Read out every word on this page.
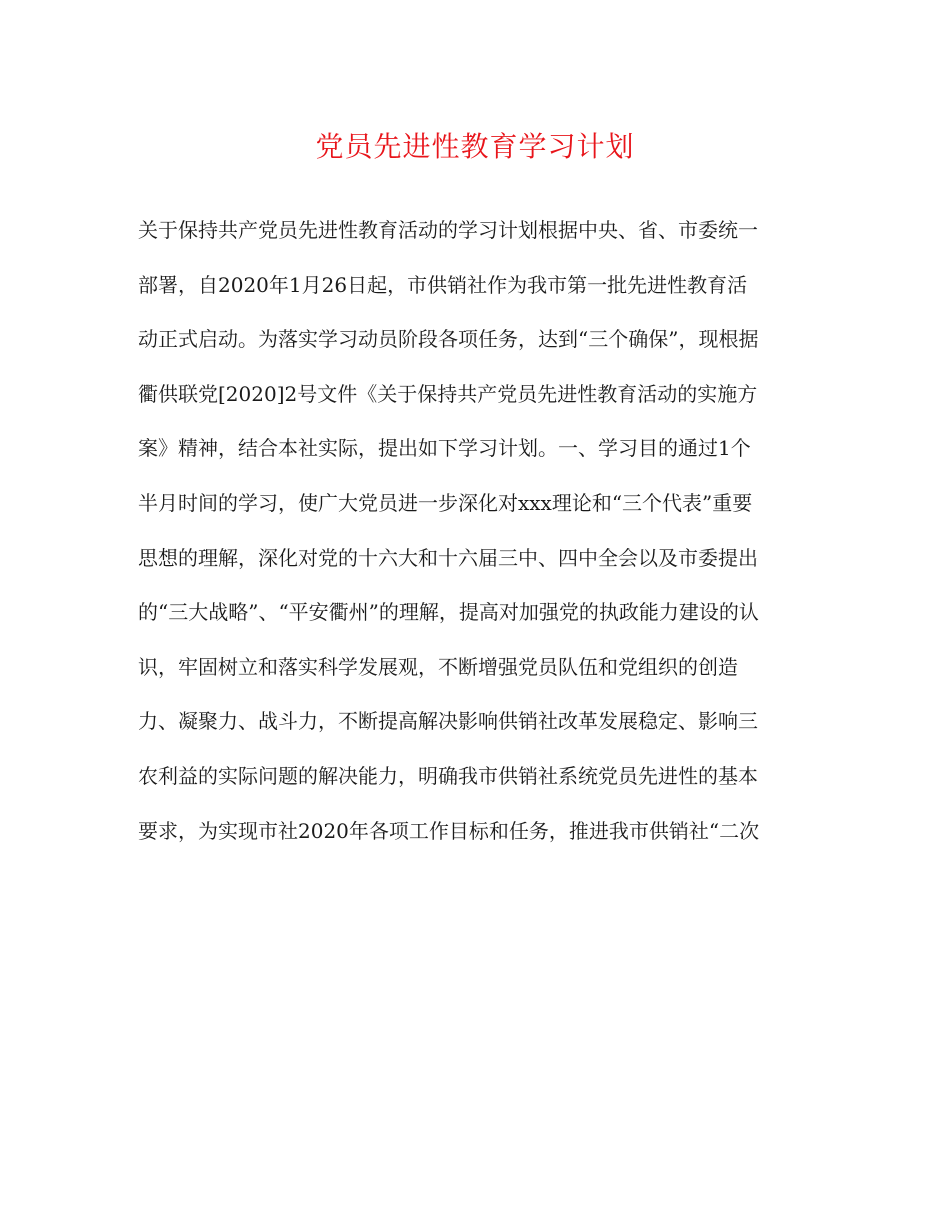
党员先进性教育学习计划
关于保持共产党员先进性教育活动的学习计划根据中央、省、市委统一
部署，自2020年1月26日起，市供销社作为我市第一批先进性教育活
动正式启动。为落实学习动员阶段各项任务，达到“三个确保”，现根据
衢供联党[2020]2号文件《关于保持共产党员先进性教育活动的实施方
案》精神，结合本社实际，提出如下学习计划。一、学习目的通过1个
半月时间的学习，使广大党员进一步深化对xxx理论和“三个代表”重要
思想的理解，深化对党的十六大和十六届三中、四中全会以及市委提出
的“三大战略”、“平安衢州”的理解，提高对加强党的执政能力建设的认
识，牢固树立和落实科学发展观，不断增强党员队伍和党组织的创造
力、凝聚力、战斗力，不断提高解决影响供销社改革发展稳定、影响三
农利益的实际问题的解决能力，明确我市供销社系统党员先进性的基本
要求，为实现市社2020年各项工作目标和任务，推进我市供销社“二次
